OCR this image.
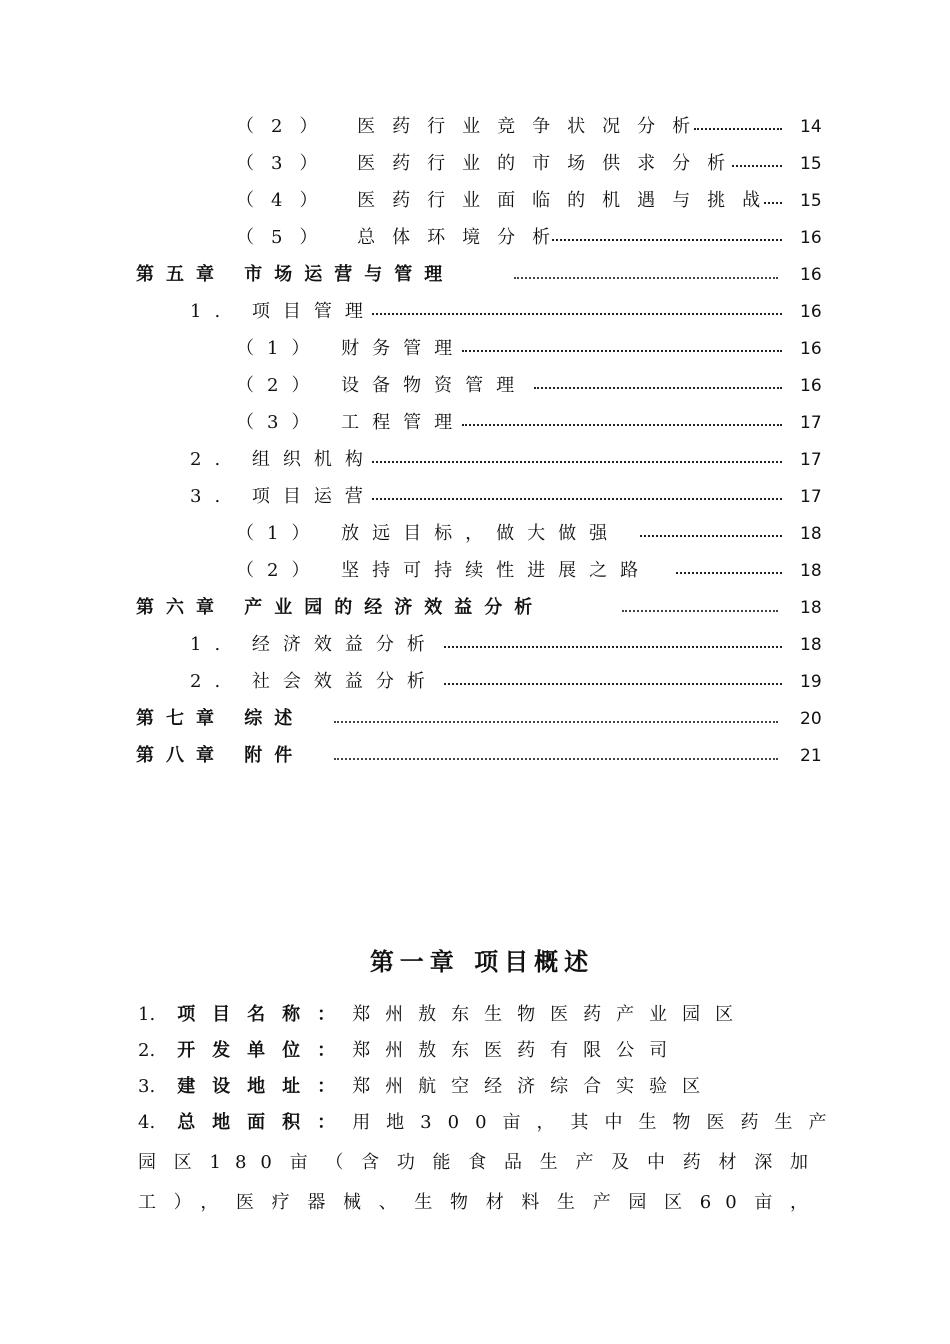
（2） 医药行业竞争状况分析	14
（3） 医药行业的市场供求分析	15
（4） 医药行业面临的机遇与挑战 15
（5） 总体环境分析	16
第五章 市场运营与管理	16
1. 项目管理	16
（1） 财务管理	16
（2） 设备物资管理	16
（3） 工程管理	17
2. 组织机构	17
3. 项目运营	17
（1） 放远目标，做大做强	18
（2） 坚持可持续性进展之路	18
第六章 产业园的经济效益分析	18
1. 经济效益分析	18
2. 社会效益分析	19
第七章 综述	20
第八章 附件	21
第一章 项目概述
1. 项目名称：郑州敖东生物医药产业园区
2. 开发单位：郑州敖东医药有限公司
3. 建设地址：郑州航空经济综合实验区
4. 总地面积：用地300亩，其中生物医药生产
园区180亩（含功能食品生产及中药材深加
工），医疗器械、生物材料生产园区60亩，
